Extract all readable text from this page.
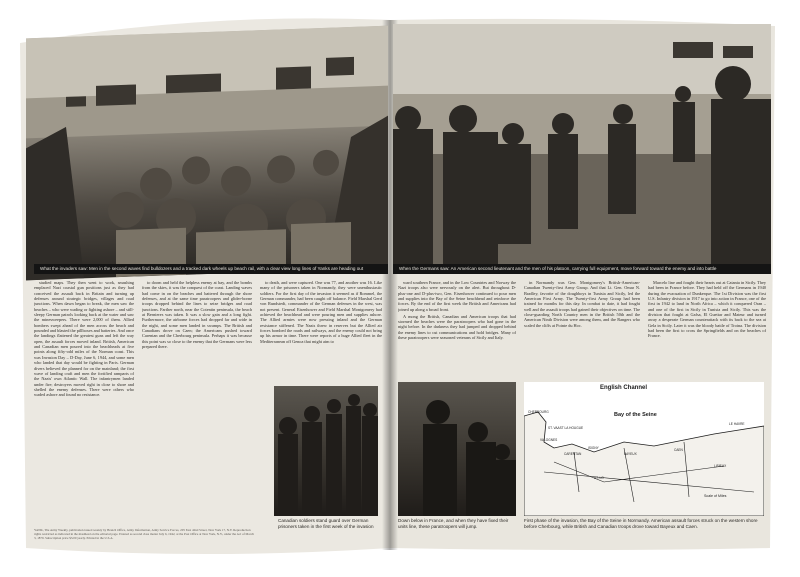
What the invaders saw: Men in the second waves find bulldozers and a tracked dark wheels up beach rail, with a clear view long lines of Yanks are heading out	When the Germans saw: An American second lieutenant and the men of his platoon, carrying full equipment, move forward toward the enemy and into battle

studied maps. They then went to work, smashing emplaced Nazi coastal gun positions just as they had conceived the assault back in Britain and turning up defenses around strategic bridges, villages and road junctions. When dawn began to break, the men saw the beaches – who were wading or fighting ashore – and still-sleepy German patrols looking back at the water and saw the minesweepers. There were 2,000 of them. Allied bombers swept ahead of the men across the beach and pounded and blasted the pillboxes and batteries. And once the landings flattened the greatest guns and left the way open, the assault forces moved inland. British, American and Canadian men poured into the beachheads at five points along fifty-odd miles of the Norman coast. This was Invasion Day – D-Day, June 6, 1944, and some men who landed that day would be fighting in Paris. German divers believed the planned for on the mainland; the first wave of landing craft and men the fortified ramparts of the Nazis' own Atlantic Wall. The infantrymen landed under fire; destroyers moved right in close to shore and shelled the enemy defenses. There were others who waded ashore and found no resistance.

to doom and held the helpless enemy at bay, and the bombs from the skies, it was the conquest of the coast. Landing waves had come in on the beaches and battered through the shore defenses, and at the same time paratroopers and glider-borne troops dropped behind the lines to seize bridges and road junctions. Farther north, near the Cotentin peninsula, the beach at Bernieres was taken. It was a slow gain and a long fight. Furthermore, the airborne forces had dropped far and wide in the night, and some men landed in swamps. The British and Canadians drove on Caen; the Americans pushed toward Carentan and the Cherbourg peninsula. Perhaps it was because this point was so close to the enemy that the Germans were less prepared there.

to death, and were captured. One was 77, and another was 16. Like many of the prisoners taken in Normandy, they were unenthusiastic soldiers. For the first day of the invasion it seemed as if Rommel, the German commander, had been caught off balance. Field Marshal Gerd von Rundstedt, commander of the German defenses in the west, was not present. General Eisenhower and Field Marshal Montgomery had achieved the beachhead and were pouring men and supplies ashore. The Allied armies were now pressing inland and the German resistance stiffened. The Nazis threw in reserves but the Allied air forces bombed the roads and railways, and the enemy could not bring up his armor in time. There were reports of a huge Allied fleet in the Mediterranean off Genoa that might aim to

Canadian soldiers stand guard over German prisoners taken in the first week of the invasion
YANK, The Army Weekly, publication issued weekly by Branch Office, Army Information, Army Service Forces, 205 East 42nd Street, New York 17, N.Y. Reproduction rights restricted as indicated in the masthead on the editorial page. Entered as second class matter July 6, 1942, at the Post Office at New York, N.Y., under the Act of March 3, 1879. Subscription price $3.00 yearly. Printed in the U.S.A.

ward southern France, and in the Low Countries and Norway the Nazi troops also were nervously on the alert. But throughout D-plus-one and D-plus-two, Gen. Eisenhower continued to pour men and supplies into the Bay of the Seine beachhead and reinforce the forces. By the end of the first week the British and Americans had joined up along a broad front.

A mong the British, Canadian and American troops that had stormed the beaches were the paratroopers who had gone in the night before. In the darkness they had jumped and dropped behind the enemy lines to cut communications and hold bridges. Many of these paratroopers were seasoned veterans of Sicily and Italy.

in Normandy was Gen. Montgomery's British-American-Canadian Twenty-first Army Group. And that Lt. Gen. Omar N. Bradley, favorite of the doughboys in Tunisia and Sicily, led the American First Army. The Twenty-first Army Group had been trained for months for this day. In combat to date, it had fought well and the assault troops had gained their objectives on time. The close-guarding North Country men in the British 50th and the American Ninth Division were among them, and the Rangers who scaled the cliffs at Pointe du Hoc.

Marcelo line and fought their hearts out at Catania in Sicily. They had been in France before. They had held off the Germans in 1940 during the evacuation of Dunkerque. The 1st Division was the first U.S. Infantry division in 1917 to go into action in France, one of the first in 1942 to land in North Africa – which it conquered Oran – and one of the first in Sicily in Tunisia and Sicily. This was the division that fought at Gafsa, El Guettar and Mateur and turned away a desperate German counterattack with its back to the sea at Gela in Sicily. Later it was the bloody battle of Troina. The division had been the first to cross the Springfields and on the beaches of France.

Down below in France, and when they have fixed their units line, these paratroopers will jump.
English Channel
Bay of the Seine
CHERBOURG
ST. VAAST LA HOUGUE
CARENTAN
ISIGNY
BAYEUX
CAEN
LE HAVRE
VALOGNES
LISIEUX
ST. LO
Scale of Miles
First phase of the invasion, the Bay of the Seine in Normandy. American assault forces struck on the western shore before Cherbourg, while British and Canadian troops drove toward Bayeux and Caen.
